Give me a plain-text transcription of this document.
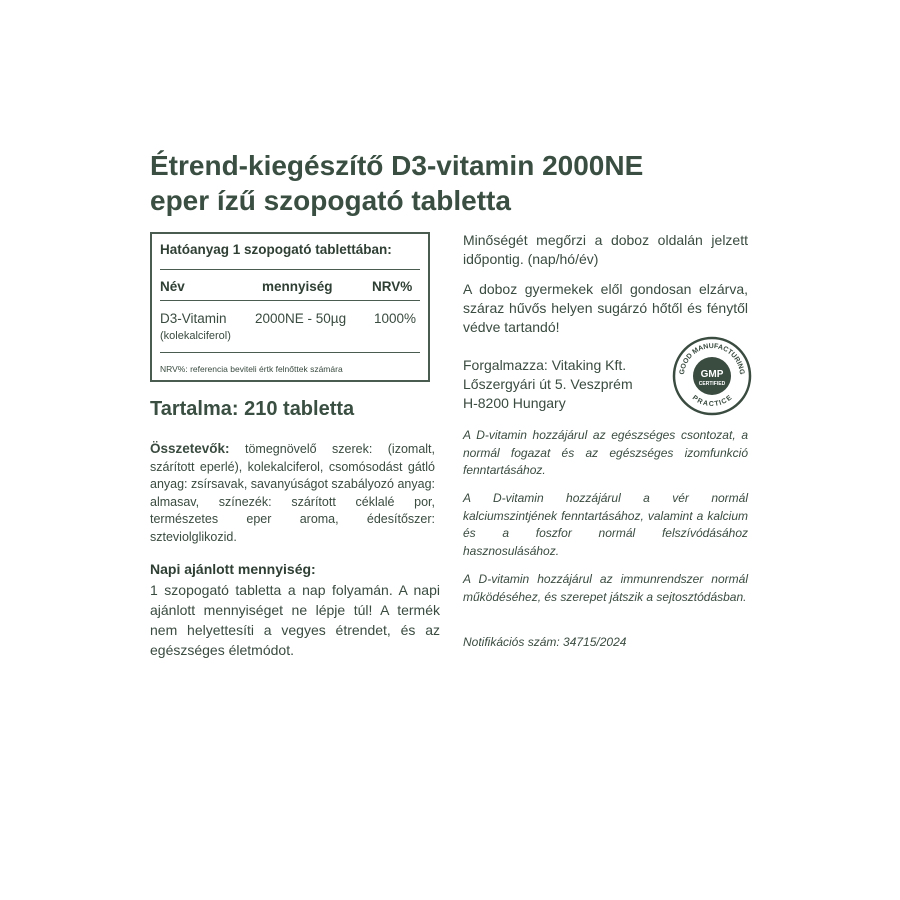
Étrend-kiegészítő D3-vitamin 2000NE
eper ízű szopogató tabletta
Hatóanyag 1 szopogató tablettában:
Név	mennyiség	NRV%
D3-Vitamin 2000NE - 50µg 1000%
(kolekalciferol)
NRV%: referencia beviteli értk felnőttek számára
Tartalma: 210 tabletta
Összetevők: tömegnövelő szerek: (izomalt, szárított eperlé), kolekalciferol, csomósodást gátló anyag: zsírsavak, savanyúságot szabályozó anyag: almasav, színezék: szárított céklalé por, természetes eper aroma, édesítőszer: szteviolglikozid.
Napi ajánlott mennyiség:
1 szopogató tabletta a nap folyamán. A napi ajánlott mennyiséget ne lépje túl! A termék nem helyettesíti a vegyes étrendet, és az egészséges életmódot.
Minőségét megőrzi a doboz oldalán jelzett időpontig. (nap/hó/év)
A doboz gyermekek elől gondosan elzárva, száraz hűvős helyen sugárzó hőtől és fénytől védve tartandó!
Forgalmazza: Vitaking Kft.
Lőszergyári út 5. Veszprém
H-8200 Hungary
GOOD MANUFACTURING
PRACTICE
GMP
CERTIFIED
A D-vitamin hozzájárul az egészséges csontozat, a normál fogazat és az egészséges izomfunkció fenntartásához.
A D-vitamin hozzájárul a vér normál kalciumszintjének fenntartásához, valamint a kalcium és a foszfor normál felszívódásához hasznosulásához.
A D-vitamin hozzájárul az immunrendszer normál működéséhez, és szerepet játszik a sejtosztódásban.
Notifikációs szám: 34715/2024
